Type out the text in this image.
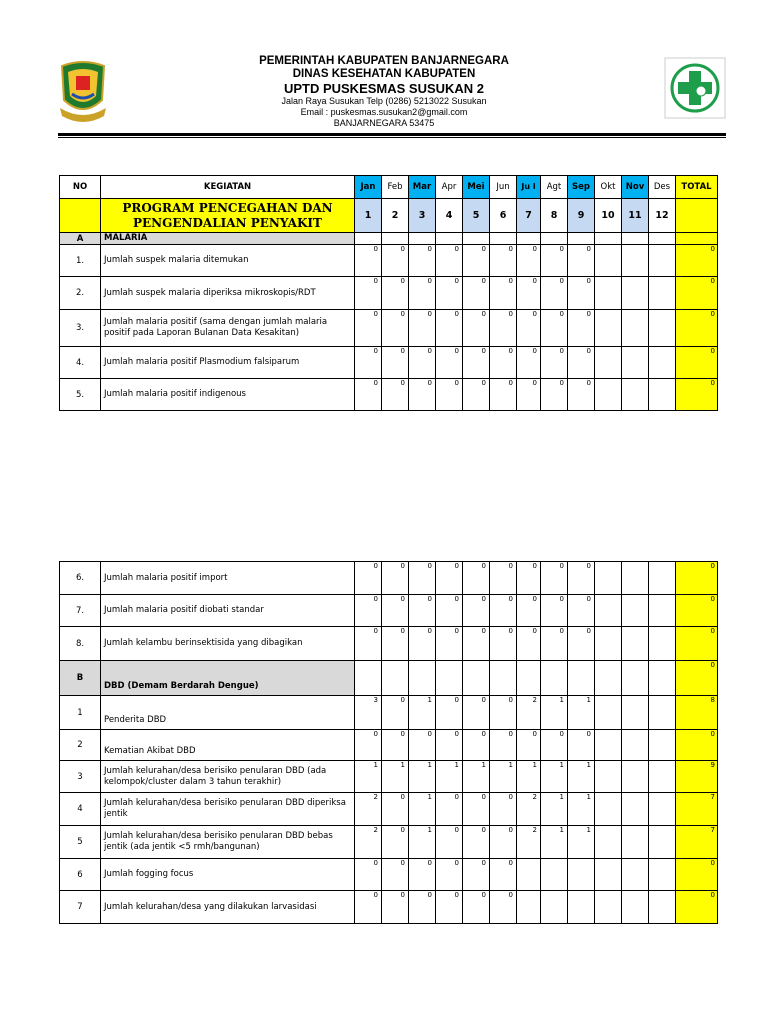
PEMERINTAH KABUPATEN BANJARNEGARA
DINAS KESEHATAN KABUPATEN
UPTD PUSKESMAS SUSUKAN 2
Jalan Raya Susukan Telp (0286) 5213022 Susukan
Email : puskesmas.susukan2@gmail.com
BANJARNEGARA 53475
NO	KEGIATAN	Jan	Feb	Mar	Apr	Mei	Jun	Ju l	Agt	Sep	Okt	Nov	Des	TOTAL
	PROGRAM PENCEGAHAN DAN PENGENDALIAN PENYAKIT	1	2	3	4	5	6	7	8	9	10	11	12	
A	MALARIA													
1.	Jumlah suspek malaria ditemukan	0	0	0	0	0	0	0	0	0				0
2.	Jumlah suspek malaria diperiksa mikroskopis/RDT	0	0	0	0	0	0	0	0	0				0
3.	Jumlah malaria positif (sama dengan jumlah malaria positif pada Laporan Bulanan Data Kesakitan)	0	0	0	0	0	0	0	0	0				0
4.	Jumlah malaria positif Plasmodium falsiparum	0	0	0	0	0	0	0	0	0				0
5.	Jumlah malaria positif indigenous	0	0	0	0	0	0	0	0	0				0
6.	Jumlah malaria positif import	0	0	0	0	0	0	0	0	0				0
7.	Jumlah malaria positif diobati standar	0	0	0	0	0	0	0	0	0				0
8.	Jumlah kelambu berinsektisida yang dibagikan	0	0	0	0	0	0	0	0	0				0
B	DBD (Demam Berdarah Dengue)													0
1	Penderita DBD	3	0	1	0	0	0	2	1	1				8
2	Kematian Akibat DBD	0	0	0	0	0	0	0	0	0				0
3	Jumlah kelurahan/desa berisiko penularan DBD (ada kelompok/cluster dalam 3 tahun terakhir)	1	1	1	1	1	1	1	1	1				9
4	Jumlah kelurahan/desa berisiko penularan DBD diperiksa jentik	2	0	1	0	0	0	2	1	1				7
5	Jumlah kelurahan/desa berisiko penularan DBD bebas jentik (ada jentik <5 rmh/bangunan)	2	0	1	0	0	0	2	1	1				7
6	Jumlah fogging focus	0	0	0	0	0	0							0
7	Jumlah kelurahan/desa yang dilakukan larvasidasi	0	0	0	0	0	0							0
